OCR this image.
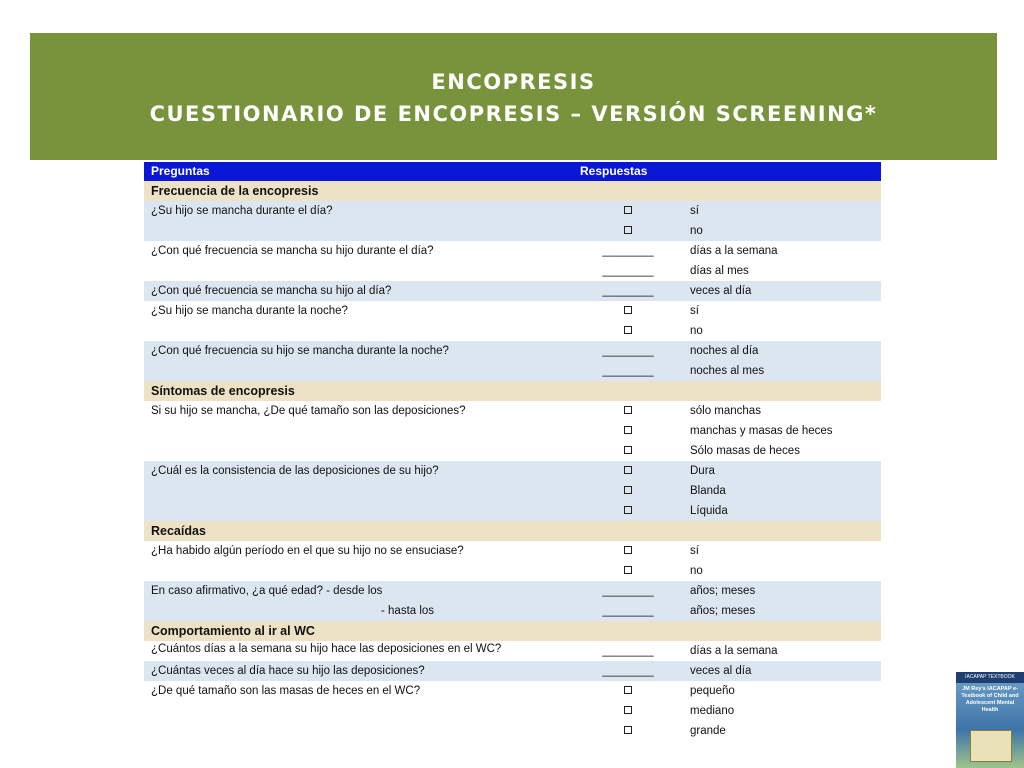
ENCOPRESIS
CUESTIONARIO DE ENCOPRESIS – VERSIÓN SCREENING*
Preguntas	Respuestas	
Frecuencia de la encopresis		
¿Su hijo se mancha durante el día?		sí
		no
¿Con qué frecuencia se mancha su hijo durante el día?	________	días a la semana
	________	días al mes
¿Con qué frecuencia se mancha su hijo al día?	________	veces al día
¿Su hijo se mancha durante la noche?		sí
		no
¿Con qué frecuencia su hijo se mancha durante la noche?	________	noches al día
	________	noches al mes
Síntomas de encopresis		
Si su hijo se mancha, ¿De qué tamaño son las deposiciones?		sólo manchas
		manchas y masas de heces
		Sólo masas de heces
¿Cuál es la consistencia de las deposiciones de su hijo?		Dura
		Blanda
		Líquida
Recaídas		
¿Ha habido algún período en el que su hijo no se ensuciase?		sí
		no
En caso afirmativo, ¿a qué edad? - desde los	________	años; meses
- hasta los	________	años; meses
Comportamiento al ir al WC		

¿Cuántos días a la semana su hijo hace las deposiciones en el WC?	________	días a la semana
¿Cuántas veces al día hace su hijo las deposiciones?	________	veces al día
¿De qué tamaño son las masas de heces en el WC?		pequeño
		mediano
		grande
IACAPAP TEXTBOOK
JM Rey's IACAPAP e-Textbook of Child and Adolescent Mental Health
